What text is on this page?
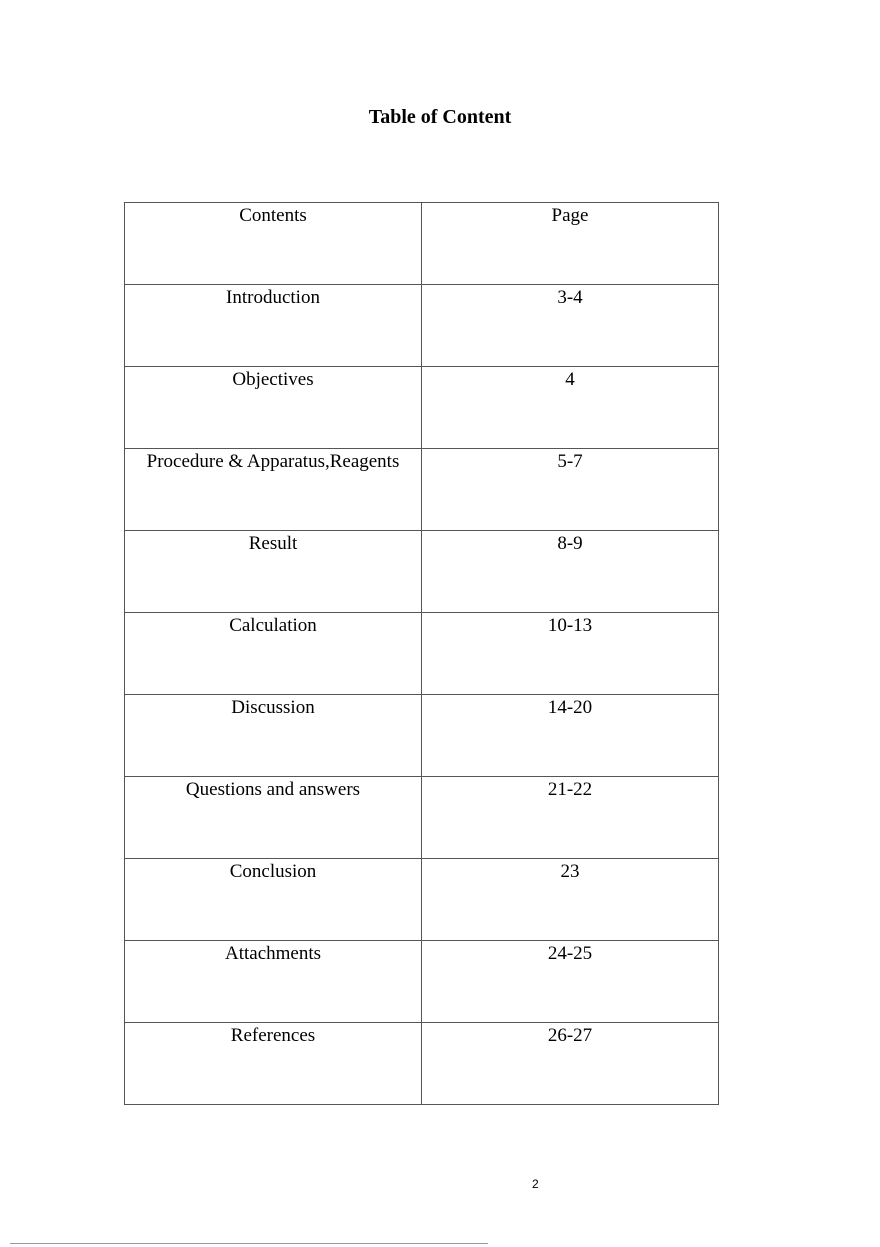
Table of Content
Contents	Page
Introduction	3-4
Objectives	4
Procedure & Apparatus,Reagents	5-7
Result	8-9
Calculation	10-13
Discussion	14-20
Questions and answers	21-22
Conclusion	23
Attachments	24-25
References	26-27
2
